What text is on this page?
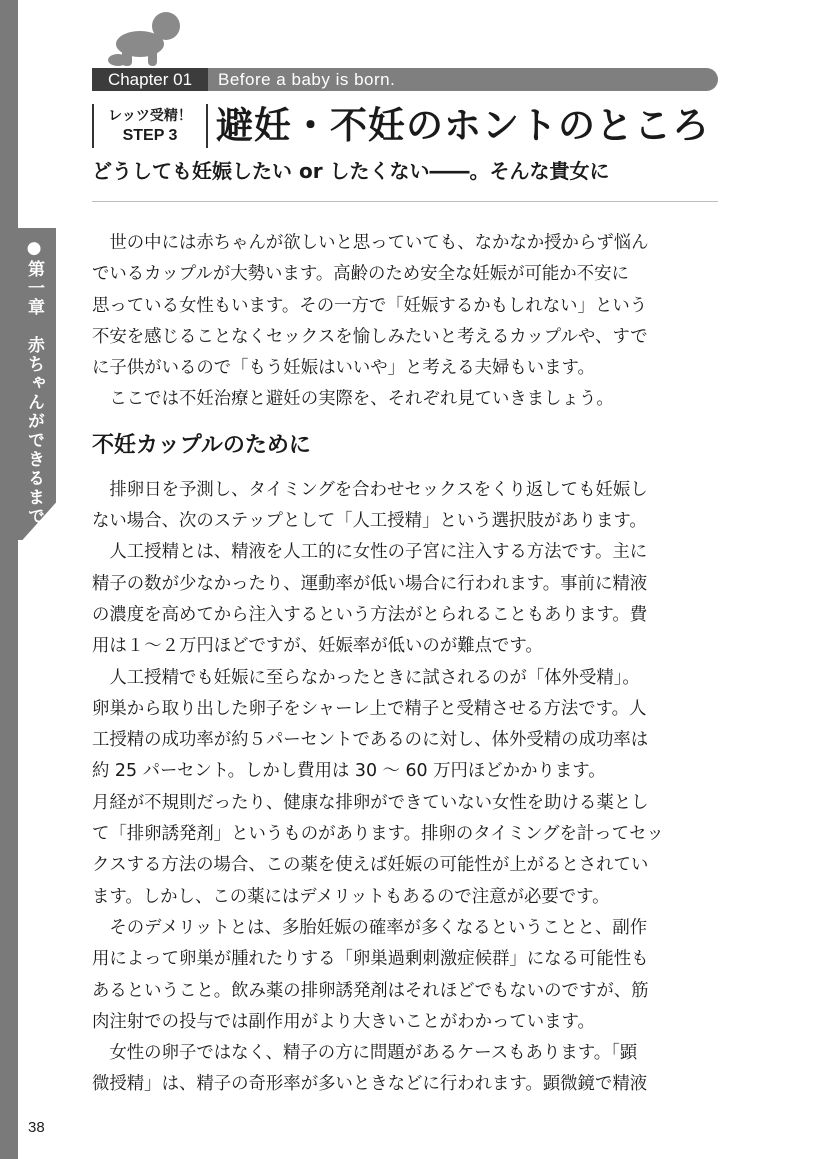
●第一章　赤ちゃんができるまで
Chapter 01	Before a baby is born.
レッツ受精！
STEP 3	避妊・不妊のホントのところ
どうしても妊娠したい or したくない――。そんな貴女に

　世の中には赤ちゃんが欲しいと思っていても、なかなか授からず悩ん

でいるカップルが大勢います。高齢のため安全な妊娠が可能か不安に

思っている女性もいます。その一方で「妊娠するかもしれない」という

不安を感じることなくセックスを愉しみたいと考えるカップルや、すで

に子供がいるので「もう妊娠はいいや」と考える夫婦もいます。

　ここでは不妊治療と避妊の実際を、それぞれ見ていきましょう。

不妊カップルのために

　排卵日を予測し、タイミングを合わせセックスをくり返しても妊娠し

ない場合、次のステップとして「人工授精」という選択肢があります。

　人工授精とは、精液を人工的に女性の子宮に注入する方法です。主に

精子の数が少なかったり、運動率が低い場合に行われます。事前に精液

の濃度を高めてから注入するという方法がとられることもあります。費

用は１～２万円ほどですが、妊娠率が低いのが難点です。

　人工授精でも妊娠に至らなかったときに試されるのが「体外受精」。

卵巣から取り出した卵子をシャーレ上で精子と受精させる方法です。人

工授精の成功率が約５パーセントであるのに対し、体外受精の成功率は

約 25 パーセント。しかし費用は 30 ～ 60 万円ほどかかります。

月経が不規則だったり、健康な排卵ができていない女性を助ける薬とし

て「排卵誘発剤」というものがあります。排卵のタイミングを計ってセッ

クスする方法の場合、この薬を使えば妊娠の可能性が上がるとされてい

ます。しかし、この薬にはデメリットもあるので注意が必要です。

　そのデメリットとは、多胎妊娠の確率が多くなるということと、副作

用によって卵巣が腫れたりする「卵巣過剰刺激症候群」になる可能性も

あるということ。飲み薬の排卵誘発剤はそれほどでもないのですが、筋

肉注射での投与では副作用がより大きいことがわかっています。

　女性の卵子ではなく、精子の方に問題があるケースもあります。「顕

微授精」は、精子の奇形率が多いときなどに行われます。顕微鏡で精液

38
